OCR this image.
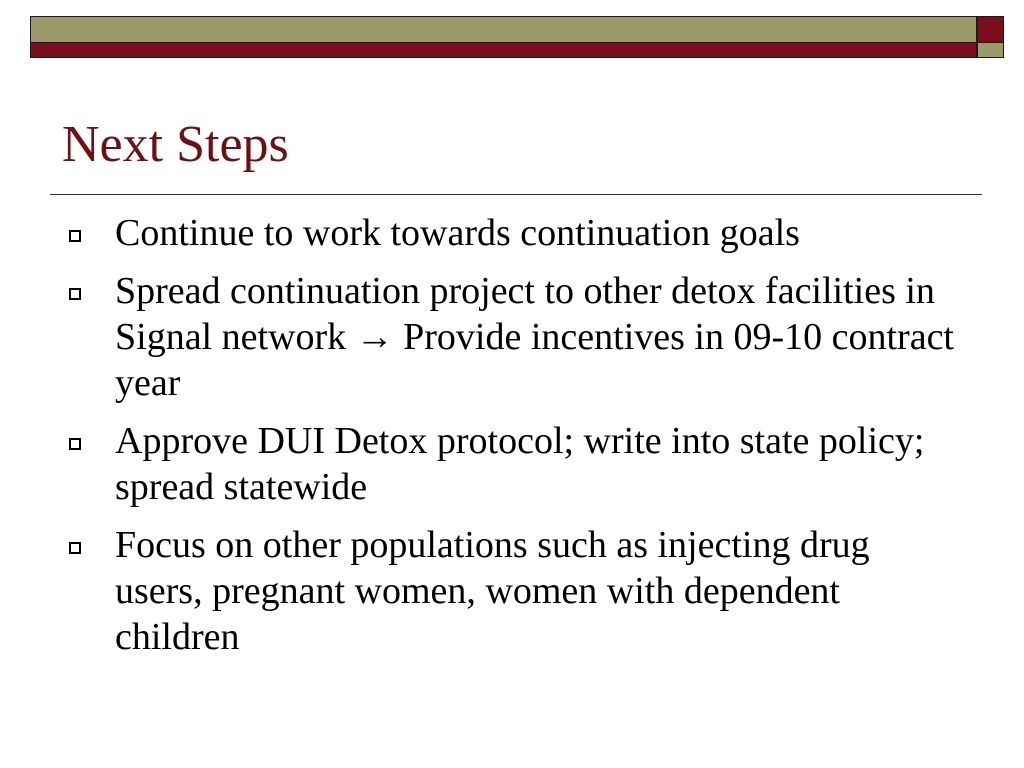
Next Steps
Continue to work towards continuation goals
Spread continuation project to other detox facilities in Signal network → Provide incentives in 09-10 contract year
Approve DUI Detox protocol; write into state policy; spread statewide
Focus on other populations such as injecting drug users, pregnant women, women with dependent children
